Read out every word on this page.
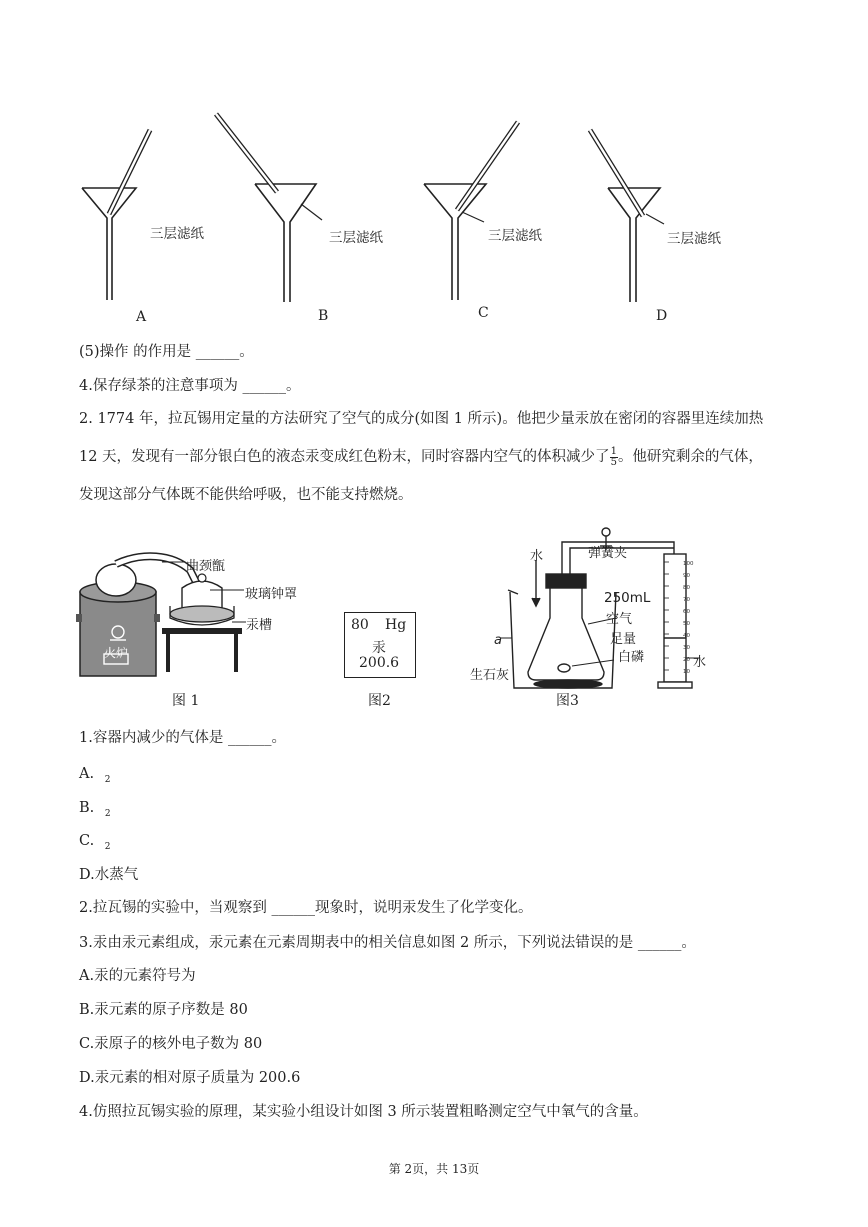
三层滤纸	三层滤纸	三层滤纸	三层滤纸
A	B	C	D
(5)操作 的作用是 ______。
4.保存绿茶的注意事项为 ______。
2. 1774 年，拉瓦锡用定量的方法研究了空气的成分(如图 1 所示)。他把少量汞放在密闭的容器里连续加热
12 天，发现有一部分银白色的液态汞变成红色粉末，同时容器内空气的体积减少了 $\frac{1}{5}$ 。他研究剩余的气体，
发现这部分气体既不能供给呼吸，也不能支持燃烧。
曲颈甑
玻璃钟罩
汞槽
火炉
图 1
80 Hg
汞
200.6
图2
100
90
80
70
60
50
40
30
20
10
水	弹簧夹
250mL
空气
足量
白磷
生石灰
a
水
图3
1.容器内减少的气体是 ______。
A. $_2$
B. $_2$
C. $_2$
D.水蒸气
2.拉瓦锡的实验中，当观察到 ______现象时，说明汞发生了化学变化。
3.汞由汞元素组成，汞元素在元素周期表中的相关信息如图 2 所示，下列说法错误的是 ______。
A.汞的元素符号为
B.汞元素的原子序数是 80
C.汞原子的核外电子数为 80
D.汞元素的相对原子质量为 200.6
4.仿照拉瓦锡实验的原理，某实验小组设计如图 3 所示装置粗略测定空气中氧气的含量。
第 2页，共 13页
